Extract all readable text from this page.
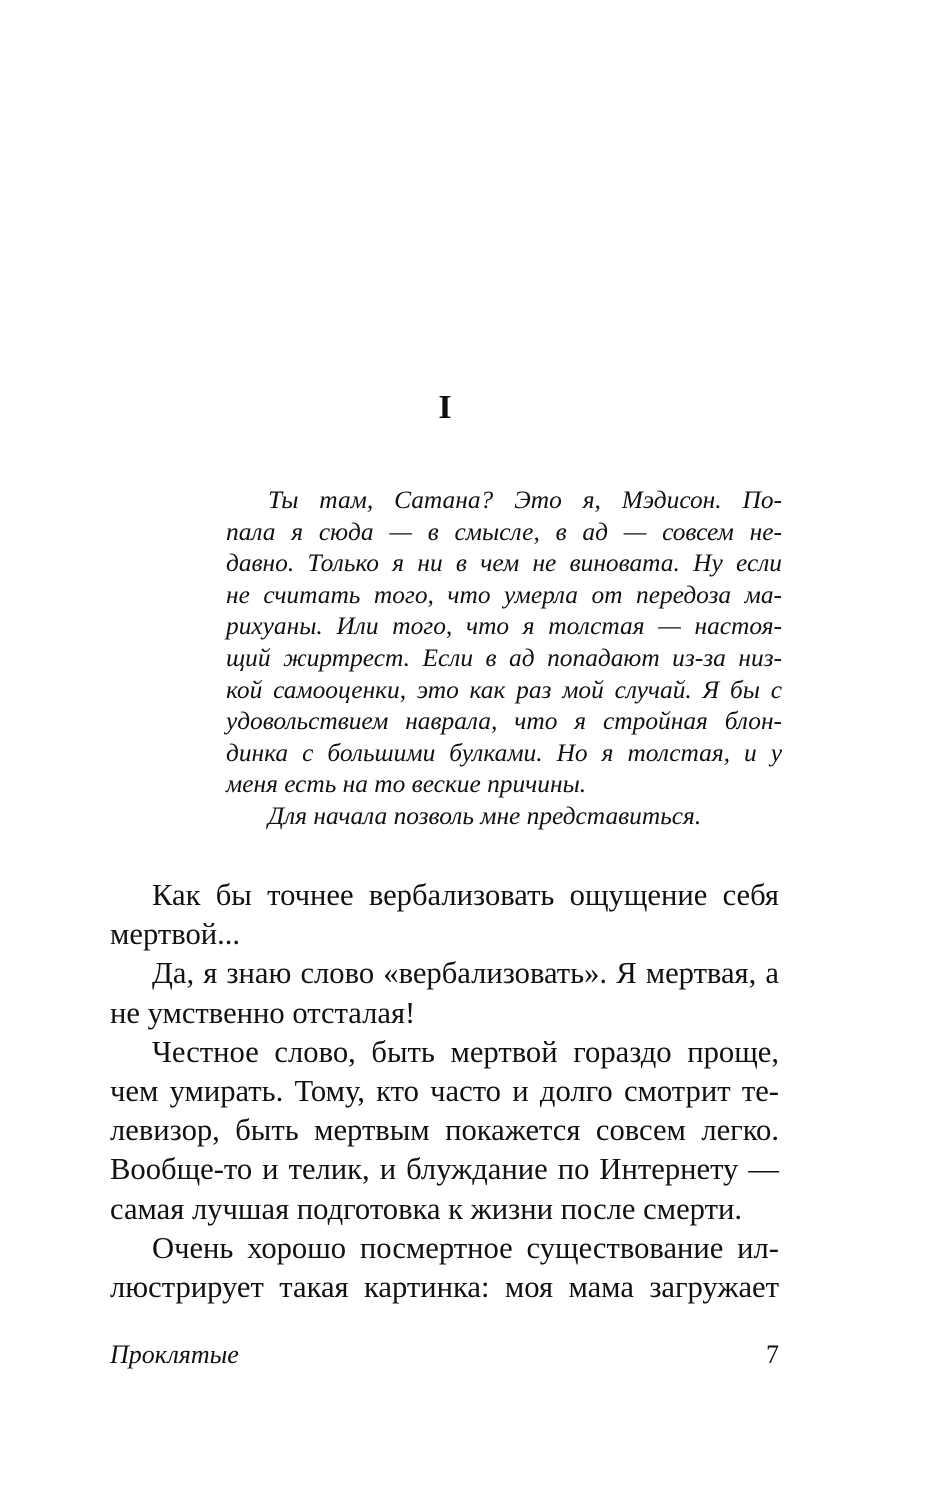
I
Ты там, Сатана? Это я, Мэдисон. По-
пала я сюда — в смысле, в ад — совсем не-
давно. Только я ни в чем не виновата. Ну если
не считать того, что умерла от передоза ма-
рихуаны. Или того, что я толстая — настоя-
щий жиртрест. Если в ад попадают из-за низ-
кой самооценки, это как раз мой случай. Я бы с
удовольствием наврала, что я стройная блон-
динка с большими булками. Но я толстая, и у
меня есть на то веские причины.
Для начала позволь мне представиться.
Как бы точнее вербализовать ощущение себя
мертвой...
Да, я знаю слово «вербализовать». Я мертвая, а
не умственно отсталая!
Честное слово, быть мертвой гораздо проще,
чем умирать. Тому, кто часто и долго смотрит те-
левизор, быть мертвым покажется совсем легко.
Вообще-то и телик, и блуждание по Интернету —
самая лучшая подготовка к жизни после смерти.
Очень хорошо посмертное существование ил-
люстрирует такая картинка: моя мама загружает
Проклятые	7
